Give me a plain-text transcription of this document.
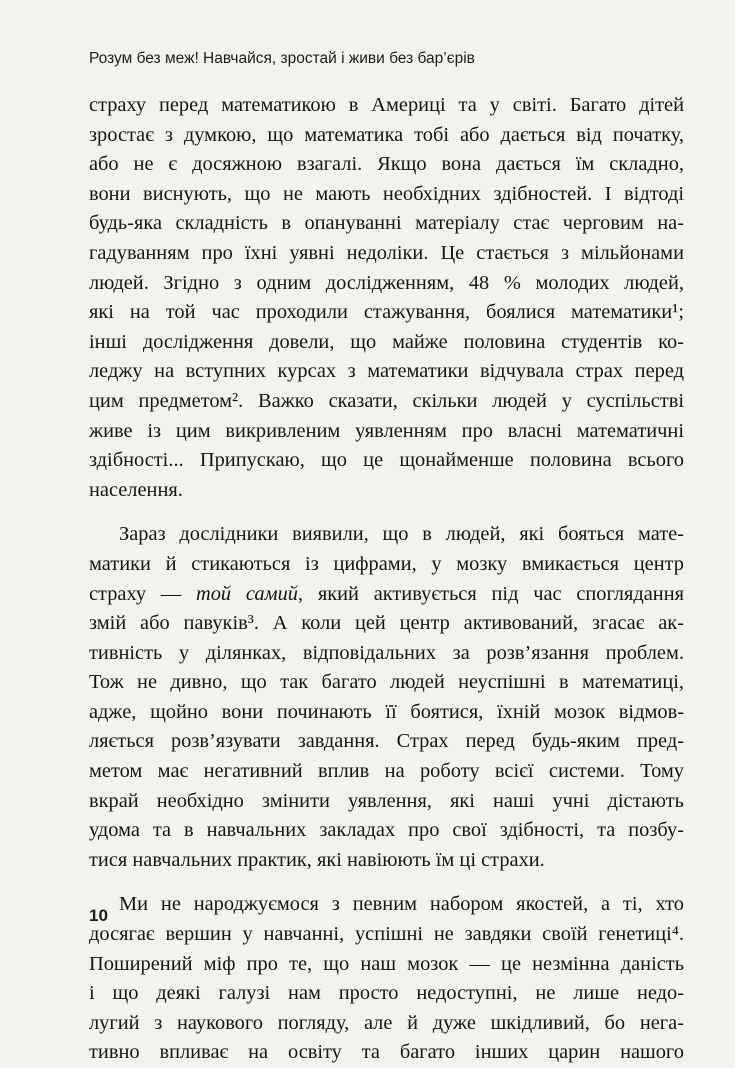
Розум без меж! Навчайся, зростай і живи без бар’єрів
страху перед математикою в Америці та у світі. Багато дітей
зростає з думкою, що математика тобі або дається від початку,
або не є досяжною взагалі. Якщо вона дається їм складно,
вони виснують, що не мають необхідних здібностей. І відтоді
будь-яка складність в опануванні матеріалу стає черговим на-
гадуванням про їхні уявні недоліки. Це стається з мільйонами
людей. Згідно з одним дослідженням, 48 % молодих людей,
які на той час проходили стажування, боялися математики¹;
інші дослідження довели, що майже половина студентів ко-
леджу на вступних курсах з математики відчувала страх перед
цим предметом². Важко сказати, скільки людей у суспільстві
живе із цим викривленим уявленням про власні математичні
здібності... Припускаю, що це щонайменше половина всього
населення.
Зараз дослідники виявили, що в людей, які бояться мате-
матики й стикаються із цифрами, у мозку вмикається центр
страху — той самий, який активується під час споглядання
змій або павуків³. А коли цей центр активований, згасає ак-
тивність у ділянках, відповідальних за розв’язання проблем.
Тож не дивно, що так багато людей неуспішні в математиці,
адже, щойно вони починають її боятися, їхній мозок відмов-
ляється розв’язувати завдання. Страх перед будь-яким пред-
метом має негативний вплив на роботу всієї системи. Тому
вкрай необхідно змінити уявлення, які наші учні дістають
удома та в навчальних закладах про свої здібності, та позбу-
тися навчальних практик, які навіюють їм ці страхи.
Ми не народжуємося з певним набором якостей, а ті, хто
досягає вершин у навчанні, успішні не завдяки своїй генетиці⁴.
Поширений міф про те, що наш мозок — це незмінна даність
і що деякі галузі нам просто недоступні, не лише недо-
лугий з наукового погляду, але й дуже шкідливий, бо нега-
тивно впливає на освіту та багато інших царин нашого
10
